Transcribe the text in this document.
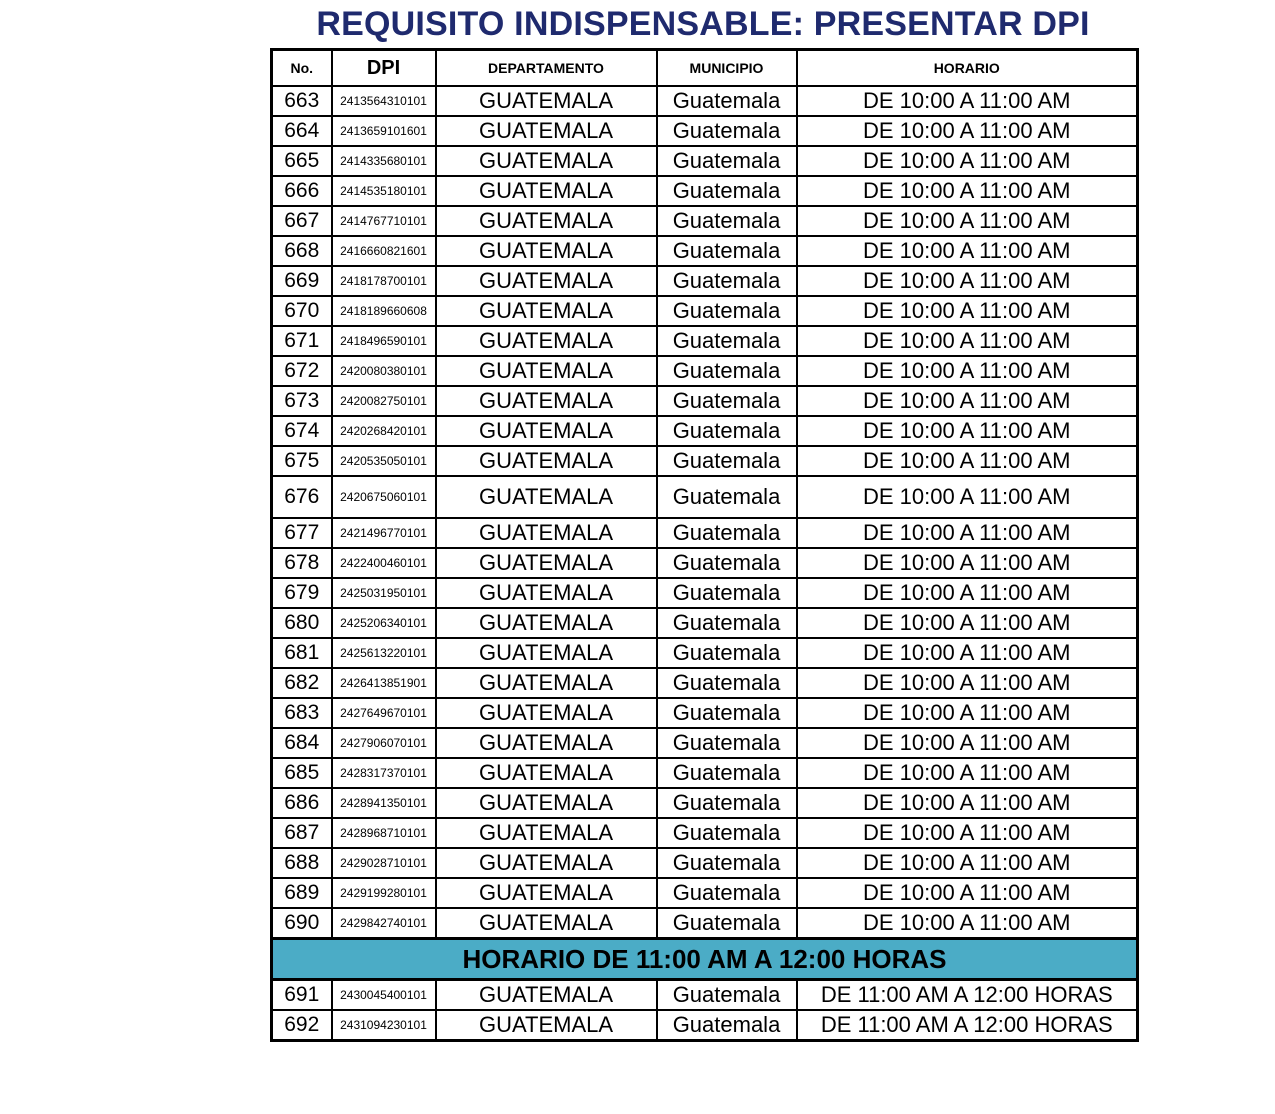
REQUISITO INDISPENSABLE: PRESENTAR DPI
No.	DPI	DEPARTAMENTO	MUNICIPIO	HORARIO
663	2413564310101	GUATEMALA	Guatemala	DE 10:00 A 11:00 AM
664	2413659101601	GUATEMALA	Guatemala	DE 10:00 A 11:00 AM
665	2414335680101	GUATEMALA	Guatemala	DE 10:00 A 11:00 AM
666	2414535180101	GUATEMALA	Guatemala	DE 10:00 A 11:00 AM
667	2414767710101	GUATEMALA	Guatemala	DE 10:00 A 11:00 AM
668	2416660821601	GUATEMALA	Guatemala	DE 10:00 A 11:00 AM
669	2418178700101	GUATEMALA	Guatemala	DE 10:00 A 11:00 AM
670	2418189660608	GUATEMALA	Guatemala	DE 10:00 A 11:00 AM
671	2418496590101	GUATEMALA	Guatemala	DE 10:00 A 11:00 AM
672	2420080380101	GUATEMALA	Guatemala	DE 10:00 A 11:00 AM
673	2420082750101	GUATEMALA	Guatemala	DE 10:00 A 11:00 AM
674	2420268420101	GUATEMALA	Guatemala	DE 10:00 A 11:00 AM
675	2420535050101	GUATEMALA	Guatemala	DE 10:00 A 11:00 AM
676	2420675060101	GUATEMALA	Guatemala	DE 10:00 A 11:00 AM
677	2421496770101	GUATEMALA	Guatemala	DE 10:00 A 11:00 AM
678	2422400460101	GUATEMALA	Guatemala	DE 10:00 A 11:00 AM
679	2425031950101	GUATEMALA	Guatemala	DE 10:00 A 11:00 AM
680	2425206340101	GUATEMALA	Guatemala	DE 10:00 A 11:00 AM
681	2425613220101	GUATEMALA	Guatemala	DE 10:00 A 11:00 AM
682	2426413851901	GUATEMALA	Guatemala	DE 10:00 A 11:00 AM
683	2427649670101	GUATEMALA	Guatemala	DE 10:00 A 11:00 AM
684	2427906070101	GUATEMALA	Guatemala	DE 10:00 A 11:00 AM
685	2428317370101	GUATEMALA	Guatemala	DE 10:00 A 11:00 AM
686	2428941350101	GUATEMALA	Guatemala	DE 10:00 A 11:00 AM
687	2428968710101	GUATEMALA	Guatemala	DE 10:00 A 11:00 AM
688	2429028710101	GUATEMALA	Guatemala	DE 10:00 A 11:00 AM
689	2429199280101	GUATEMALA	Guatemala	DE 10:00 A 11:00 AM
690	2429842740101	GUATEMALA	Guatemala	DE 10:00 A 11:00 AM
HORARIO DE 11:00 AM A 12:00 HORAS				
691	2430045400101	GUATEMALA	Guatemala	DE 11:00 AM A 12:00 HORAS
692	2431094230101	GUATEMALA	Guatemala	DE 11:00 AM A 12:00 HORAS
